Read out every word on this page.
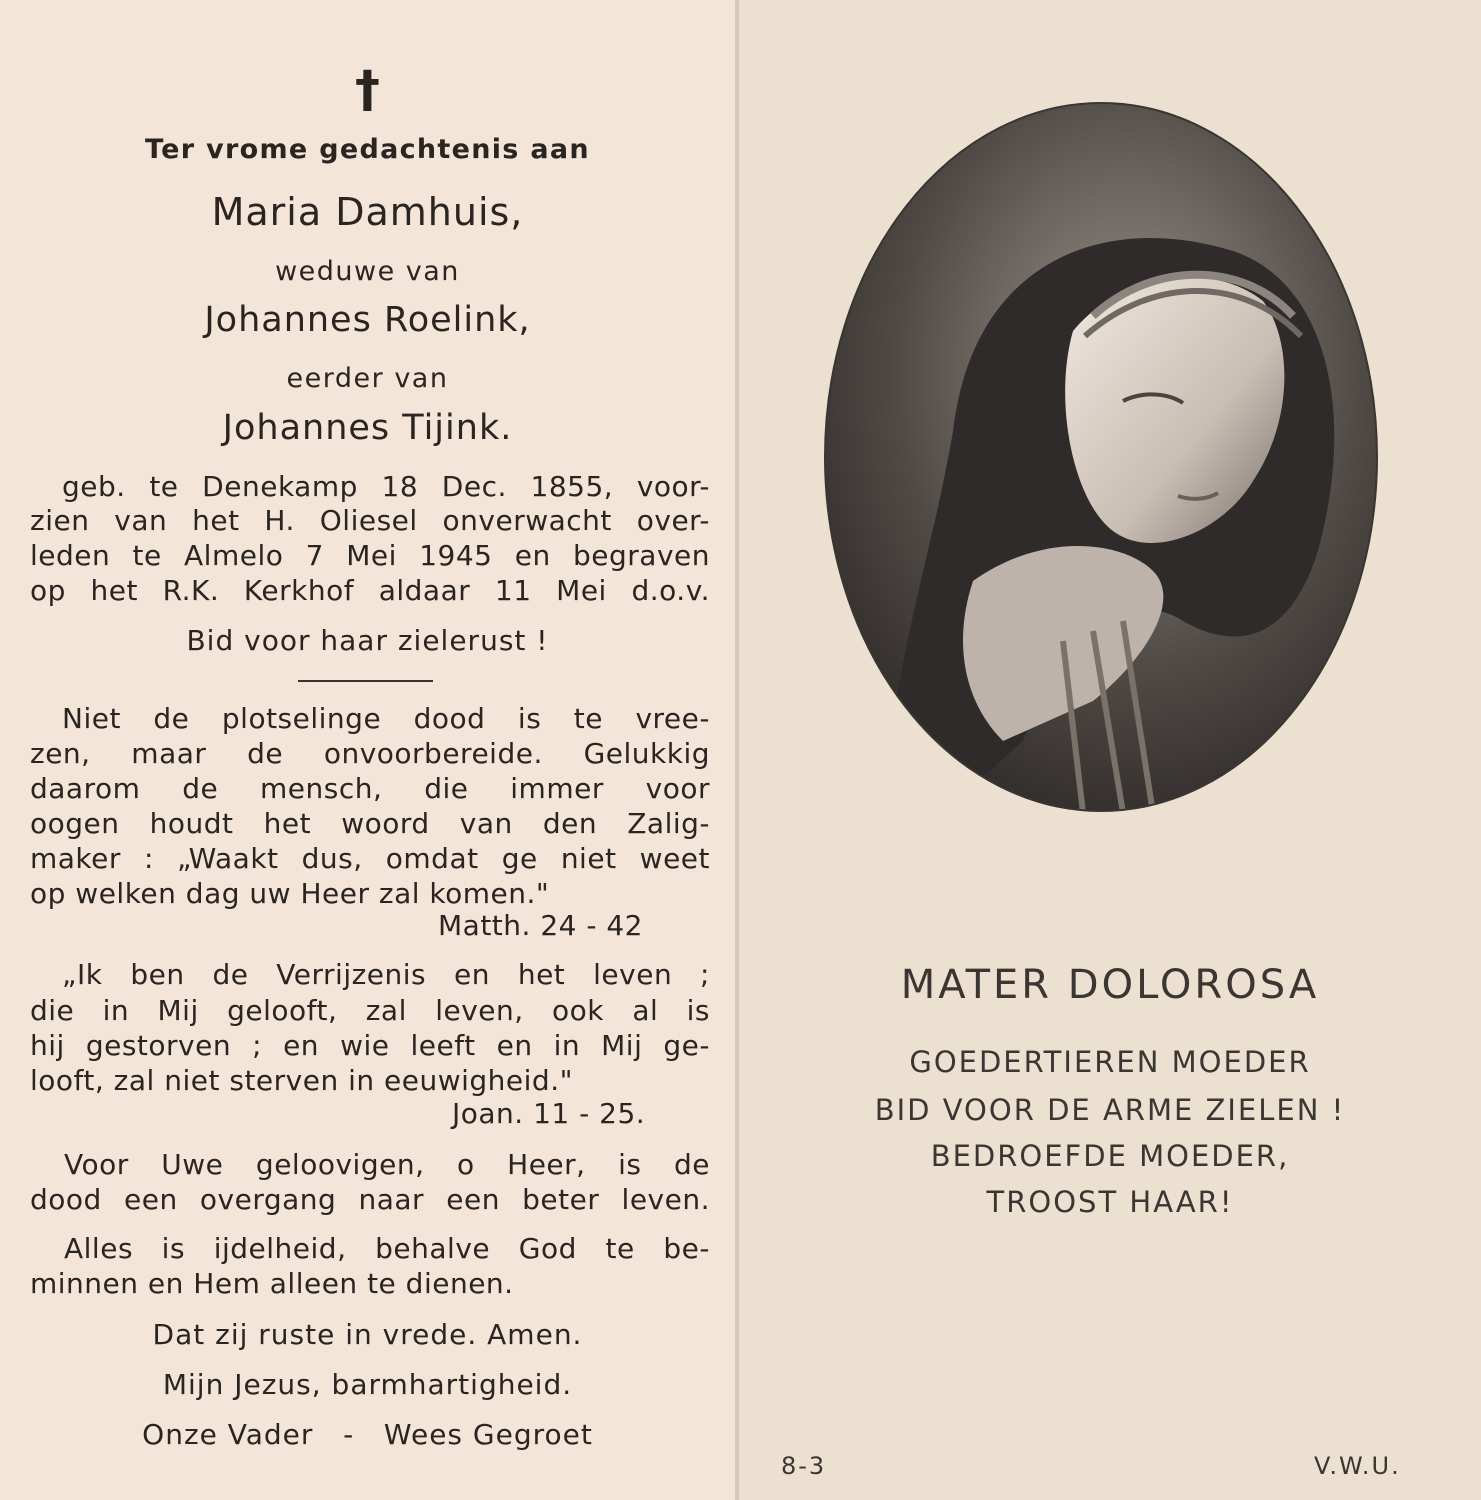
†
Ter vrome gedachtenis aan
Maria Damhuis,
weduwe van
Johannes Roelink,
eerder van
Johannes Tijink.
geb. te Denekamp 18 Dec. 1855, voor-
zien van het H. Oliesel onverwacht over-
leden te Almelo 7 Mei 1945 en begraven
op het R.K. Kerkhof aldaar 11 Mei d.o.v.
Bid voor haar zielerust !
Niet de plotselinge dood is te vree-
zen, maar de onvoorbereide. Gelukkig
daarom de mensch, die immer voor
oogen houdt het woord van den Zalig-
maker : „Waakt dus, omdat ge niet weet
op welken dag uw Heer zal komen."
Matth. 24 - 42
„Ik ben de Verrijzenis en het leven ;
die in Mij gelooft, zal leven, ook al is
hij gestorven ; en wie leeft en in Mij ge-
looft, zal niet sterven in eeuwigheid."
Joan. 11 - 25.
Voor Uwe geloovigen, o Heer, is de
dood een overgang naar een beter leven.
Alles is ijdelheid, behalve God te be-
minnen en Hem alleen te dienen.
Dat zij ruste in vrede. Amen.
Mijn Jezus, barmhartigheid.
Onze Vader   -   Wees Gegroet
MATER DOLOROSA
GOEDERTIEREN MOEDER
BID VOOR DE ARME ZIELEN !
BEDROEFDE MOEDER,
TROOST HAAR!
8-3	V.W.U.
